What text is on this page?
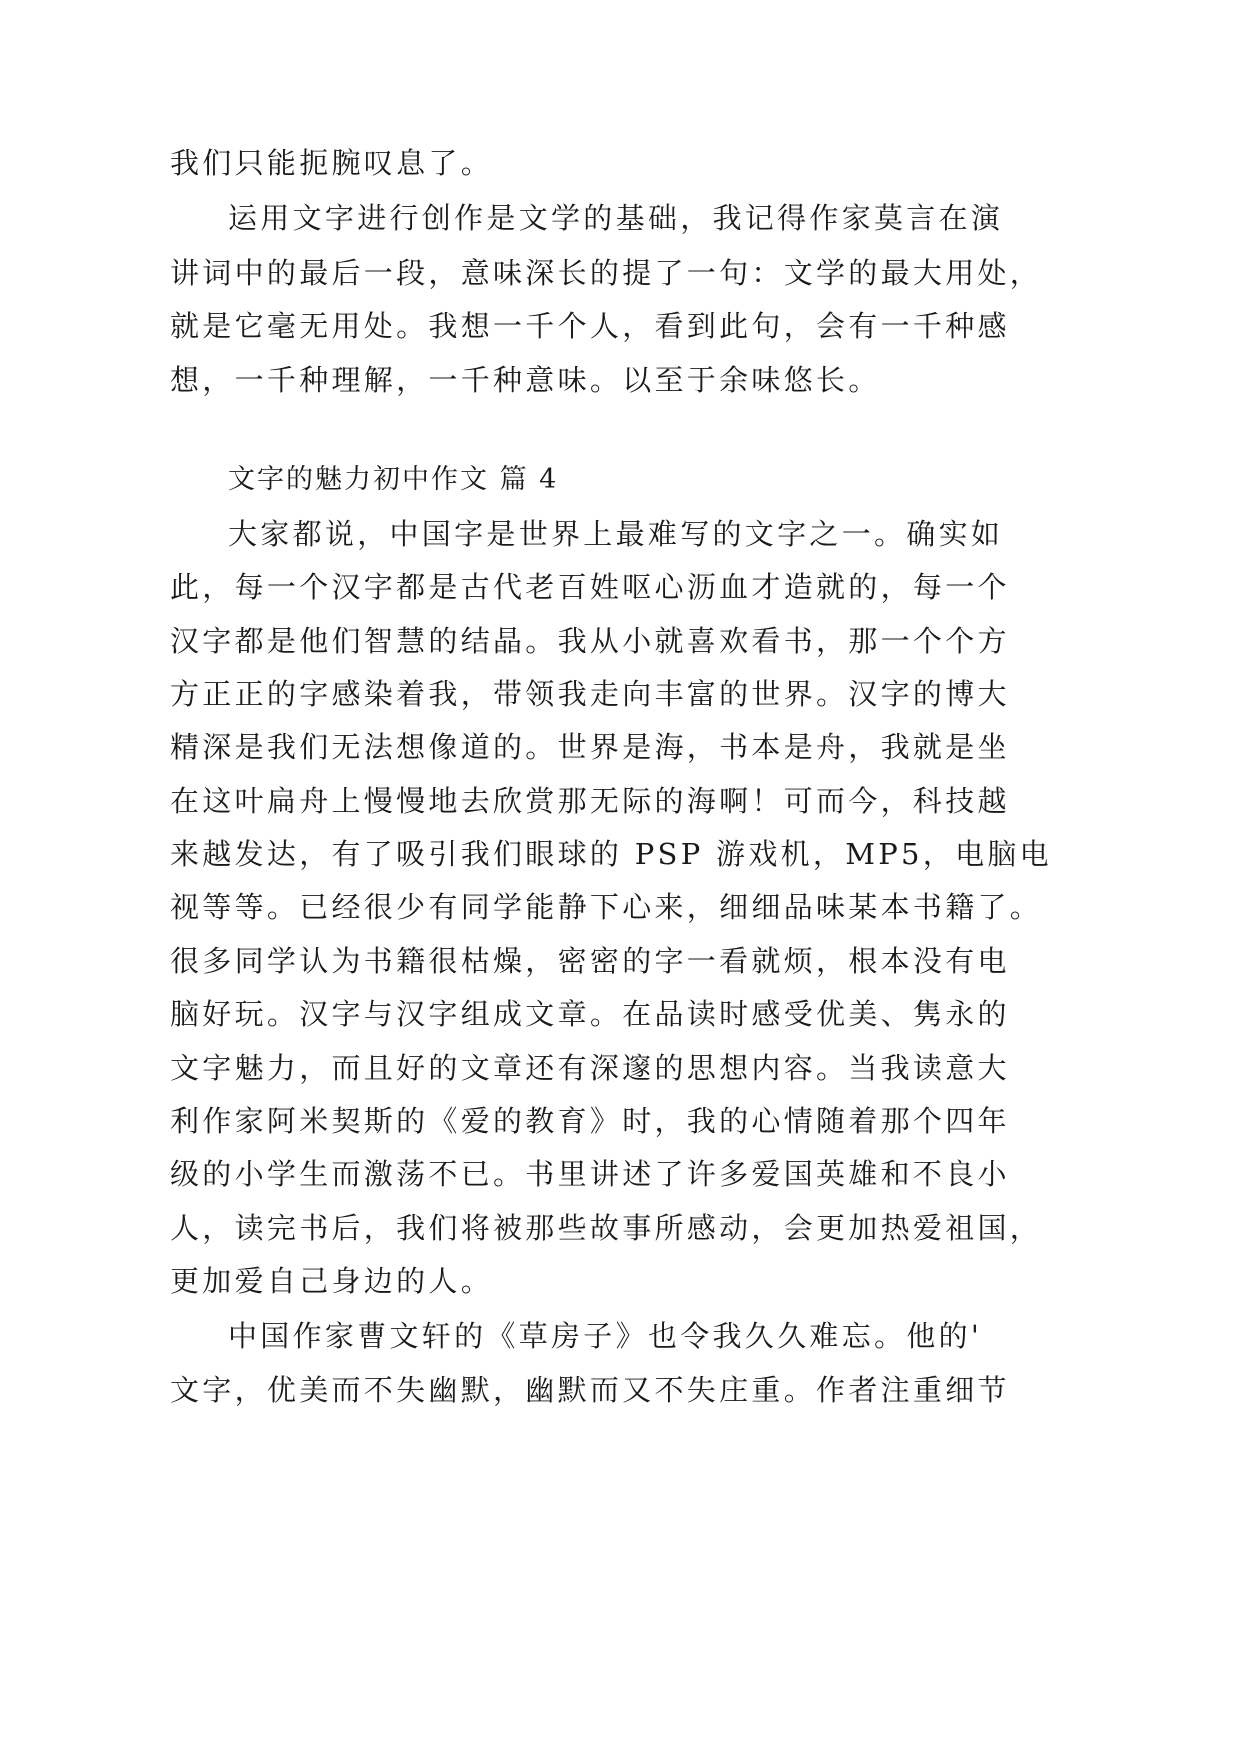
我们只能扼腕叹息了。
运用文字进行创作是文学的基础，我记得作家莫言在演
讲词中的最后一段，意味深长的提了一句：文学的最大用处，
就是它毫无用处。我想一千个人，看到此句，会有一千种感
想，一千种理解，一千种意味。以至于余味悠长。
文字的魅力初中作文 篇 4
大家都说，中国字是世界上最难写的文字之一。确实如
此，每一个汉字都是古代老百姓呕心沥血才造就的，每一个
汉字都是他们智慧的结晶。我从小就喜欢看书，那一个个方
方正正的字感染着我，带领我走向丰富的世界。汉字的博大
精深是我们无法想像道的。世界是海，书本是舟，我就是坐
在这叶扁舟上慢慢地去欣赏那无际的海啊！可而今，科技越
来越发达，有了吸引我们眼球的 PSP 游戏机，MP5，电脑电
视等等。已经很少有同学能静下心来，细细品味某本书籍了。
很多同学认为书籍很枯燥，密密的字一看就烦，根本没有电
脑好玩。汉字与汉字组成文章。在品读时感受优美、隽永的
文字魅力，而且好的文章还有深邃的思想内容。当我读意大
利作家阿米契斯的《爱的教育》时，我的心情随着那个四年
级的小学生而激荡不已。书里讲述了许多爱国英雄和不良小
人，读完书后，我们将被那些故事所感动，会更加热爱祖国，
更加爱自己身边的人。
中国作家曹文轩的《草房子》也令我久久难忘。他的'
文字，优美而不失幽默，幽默而又不失庄重。作者注重细节
